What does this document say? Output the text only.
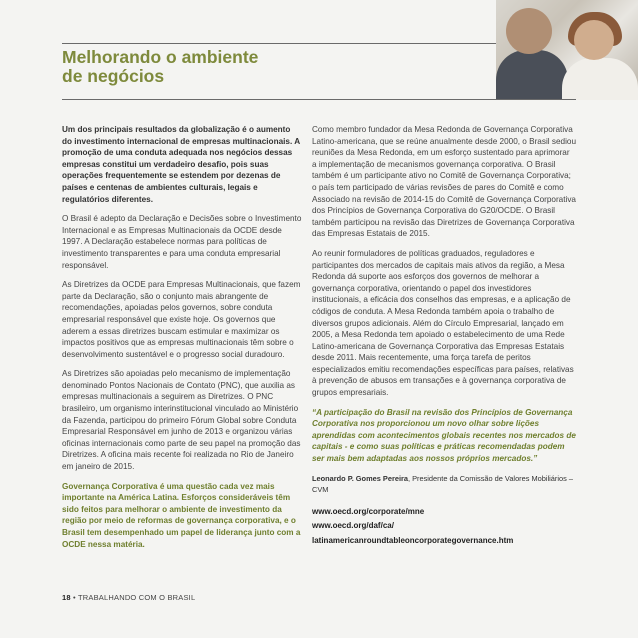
Melhorando o ambiente
de negócios

Um dos principais resultados da globalização é o aumento do investimento internacional de empresas multinacionais. A promoção de uma conduta adequada nos negócios dessas empresas constitui um verdadeiro desafio, pois suas operações frequentemente se estendem por dezenas de países e centenas de ambientes culturais, legais e regulatórios diferentes.

O Brasil é adepto da Declaração e Decisões sobre o Investimento Internacional e as Empresas Multinacionais da OCDE desde 1997. A Declaração estabelece normas para políticas de investimento transparentes e para uma conduta empresarial responsável.

As Diretrizes da OCDE para Empresas Multinacionais, que fazem parte da Declaração, são o conjunto mais abrangente de recomendações, apoiadas pelos governos, sobre conduta empresarial responsável que existe hoje. Os governos que aderem a essas diretrizes buscam estimular e maximizar os impactos positivos que as empresas multinacionais têm sobre o desenvolvimento sustentável e o progresso social duradouro.

As Diretrizes são apoiadas pelo mecanismo de implementação denominado Pontos Nacionais de Contato (PNC), que auxilia as empresas multinacionais a seguirem as Diretrizes. O PNC brasileiro, um organismo interinstitucional vinculado ao Ministério da Fazenda, participou do primeiro Fórum Global sobre Conduta Empresarial Responsável em junho de 2013 e organizou várias oficinas internacionais como parte de seu papel na promoção das Diretrizes. A oficina mais recente foi realizada no Rio de Janeiro em janeiro de 2015.

Governança Corporativa é uma questão cada vez mais importante na América Latina. Esforços consideráveis têm sido feitos para melhorar o ambiente de investimento da região por meio de reformas de governança corporativa, e o Brasil tem desempenhado um papel de liderança junto com a OCDE nessa matéria.

Como membro fundador da Mesa Redonda de Governança Corporativa Latino-americana, que se reúne anualmente desde 2000, o Brasil sediou reuniões da Mesa Redonda, em um esforço sustentado para aprimorar a implementação de mecanismos governança corporativa. O Brasil também é um participante ativo no Comitê de Governança Corporativa; o país tem participado de várias revisões de pares do Comitê e como Associado na revisão de 2014-15 do Comitê de Governança Corporativa dos Princípios de Governança Corporativa do G20/OCDE. O Brasil também participou na revisão das Diretrizes de Governança Corporativa das Empresas Estatais de 2015.

Ao reunir formuladores de políticas graduados, reguladores e participantes dos mercados de capitais mais ativos da região, a Mesa Redonda dá suporte aos esforços dos governos de melhorar a governança corporativa, orientando o papel dos investidores institucionais, a eficácia dos conselhos das empresas, e a aplicação de códigos de conduta. A Mesa Redonda também apoia o trabalho de diversos grupos adicionais. Além do Círculo Empresarial, lançado em 2005, a Mesa Redonda tem apoiado o estabelecimento de uma Rede Latino-americana de Governança Corporativa das Empresas Estatais desde 2011. Mais recentemente, uma força tarefa de peritos especializados emitiu recomendações específicas para países, relativas à prevenção de abusos em transações e à governança corporativa de grupos empresariais.

“A participação do Brasil na revisão dos Princípios de Governança Corporativa nos proporcionou um novo olhar sobre lições aprendidas com acontecimentos globais recentes nos mercados de capitais - e como suas políticas e práticas recomendadas podem ser mais bem adaptadas aos nossos próprios mercados.”

Leonardo P. Gomes Pereira, Presidente da Comissão de Valores Mobiliários – CVM

www.oecd.org/corporate/mne
www.oecd.org/daf/ca/
latinamericanroundtableoncorporategovernance.htm
18 • TRABALHANDO COM O BRASIL
